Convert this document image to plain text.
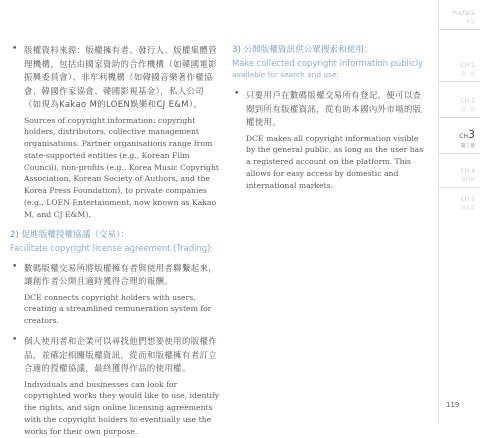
• 版權資料來源：版權擁有者、發行人、版權集體管理機構，包括由國家資助的合作機構（如韓國電影振興委員會）、非牟利機構（如韓國音樂著作權協會、韓國作家協會、韓國影視基金），私人公司（如現為Kakao M的LOEN娛樂和CJ E&M）。

Sources of copyright information: copyright holders, distributors, collective management organisations. Partner organisations range from state-supported entities (e.g., Korean Film Council), non-profits (e.g., Korea Music Copyright Association, Korean Society of Authors, and the Korea Press Foundation), to private companies (e.g., LOEN Entertainment, now known as Kakao M, and CJ E&M).

2) 促進版權授權協議（交易）：

Facilitate copyright license agreement (Trading):

• 數碼版權交易所將版權擁有者與使用者聯繫起來，讓創作者公開且適時獲得合理的報酬。

DCE connects copyright holders with users, creating a streamlined remuneration system for creators.

• 個人使用者和企業可以尋找他們想要使用的版權作品，並確定相關版權資訊，從而和版權擁有者訂立合適的授權協議，最終獲得作品的使用權。

Individuals and businesses can look for copyrighted works they would like to use, identify the rights, and sign online licensing agreements with the copyright holders to eventually use the works for their own purpose.

3) 公開版權資訊供公眾搜索和使用：

Make collected copyright information publicly

available for search and use:

• 只要用戶在數碼版權交易所有登記，便可以查閱到所有版權資訊，從有助本國內外市場的版權使用。

DCE makes all copyright information visible by the general public, as long as the user has a registered account on the platform. This allows for easy access by domestic and international markets.

Preface
序言
CH 1
第一章
CH 2
第二章
CH3
第三章
CH 4
第四章
CH 5
第五章
119
